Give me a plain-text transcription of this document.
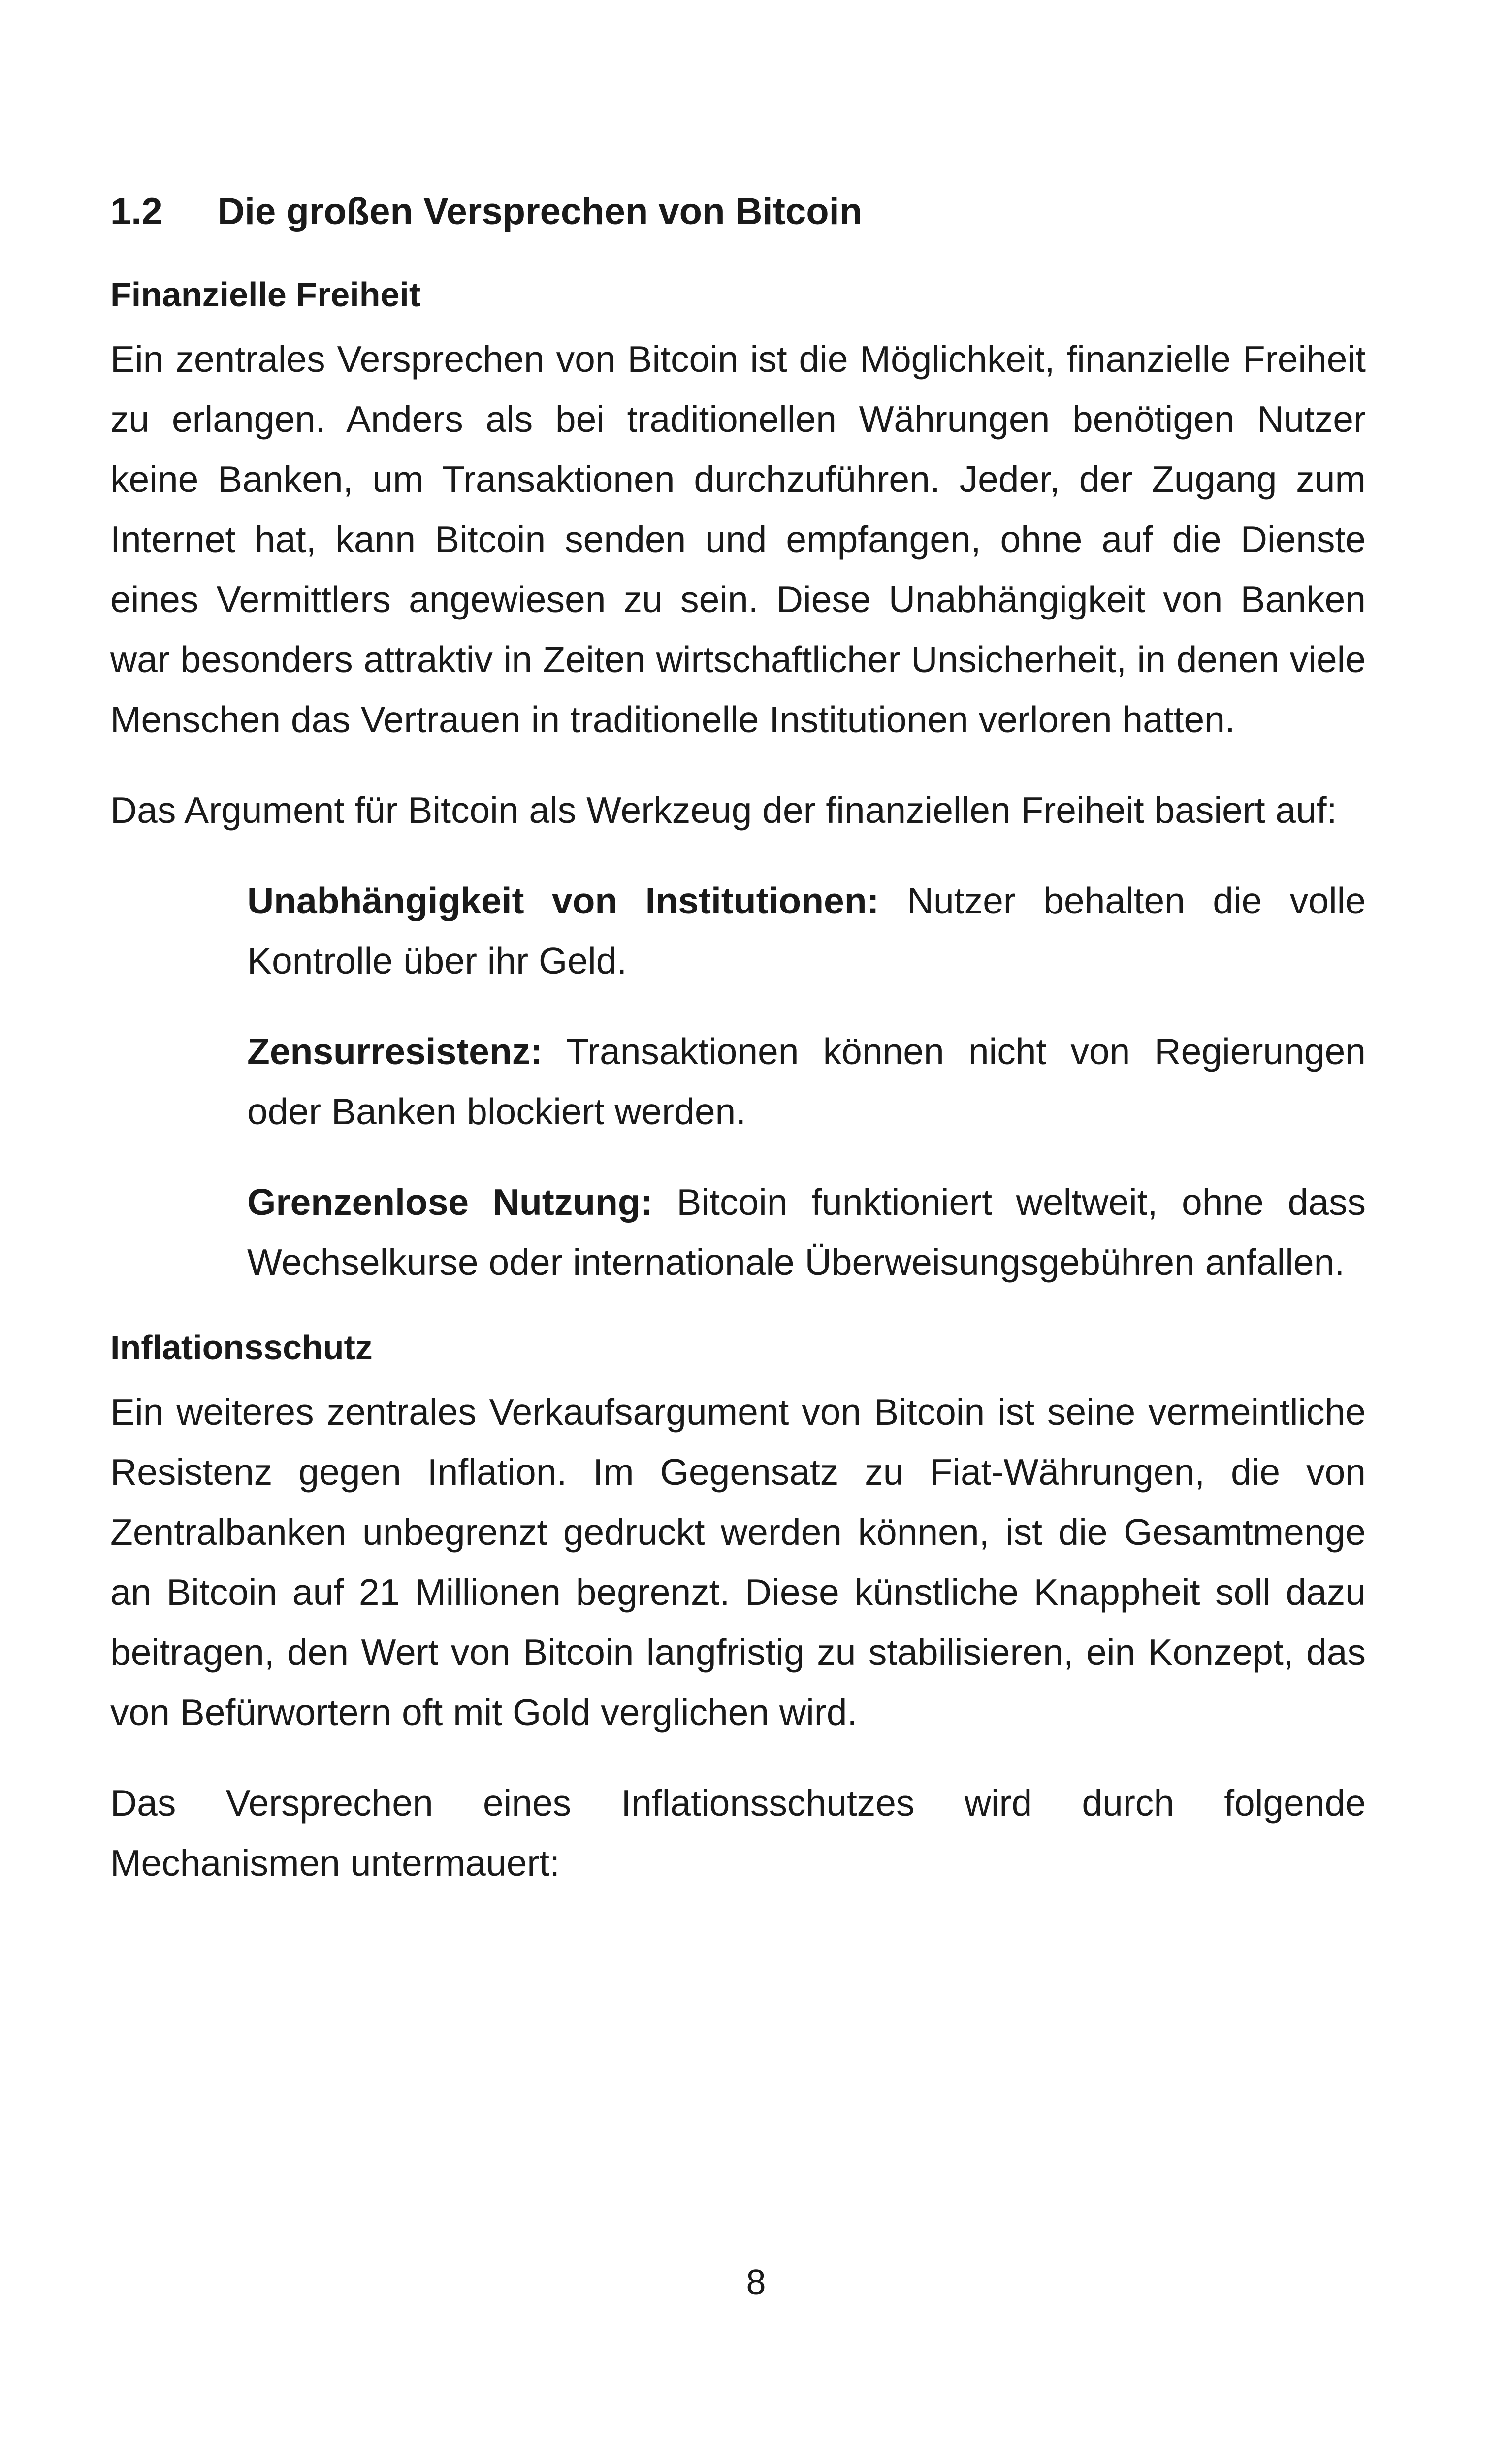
1.2	Die großen Versprechen von Bitcoin
Finanzielle Freiheit

Ein zentrales Versprechen von Bitcoin ist die Möglichkeit, finanzielle Freiheit zu erlangen. Anders als bei traditionellen Währungen benötigen Nutzer keine Banken, um Transaktionen durchzuführen. Jeder, der Zugang zum Internet hat, kann Bitcoin senden und empfangen, ohne auf die Dienste eines Vermittlers angewiesen zu sein. Diese Unabhängigkeit von Banken war besonders attraktiv in Zeiten wirtschaftlicher Unsicherheit, in denen viele Menschen das Vertrauen in traditionelle Institutionen verloren hatten.

Das Argument für Bitcoin als Werkzeug der finanziellen Freiheit basiert auf:

Unabhängigkeit von Institutionen: Nutzer behalten die volle Kontrolle über ihr Geld.

Zensurresistenz: Transaktionen können nicht von Regierungen oder Banken blockiert werden.

Grenzenlose Nutzung: Bitcoin funktioniert weltweit, ohne dass Wechselkurse oder internationale Überweisungsgebühren anfallen.

Inflationsschutz

Ein weiteres zentrales Verkaufsargument von Bitcoin ist seine vermeintliche Resistenz gegen Inflation. Im Gegensatz zu Fiat-Währungen, die von Zentralbanken unbegrenzt gedruckt werden können, ist die Gesamtmenge an Bitcoin auf 21 Millionen begrenzt. Diese künstliche Knappheit soll dazu beitragen, den Wert von Bitcoin langfristig zu stabilisieren, ein Konzept, das von Befürwortern oft mit Gold verglichen wird.

Das Versprechen eines Inflationsschutzes wird durch folgende Mechanismen untermauert:

8
